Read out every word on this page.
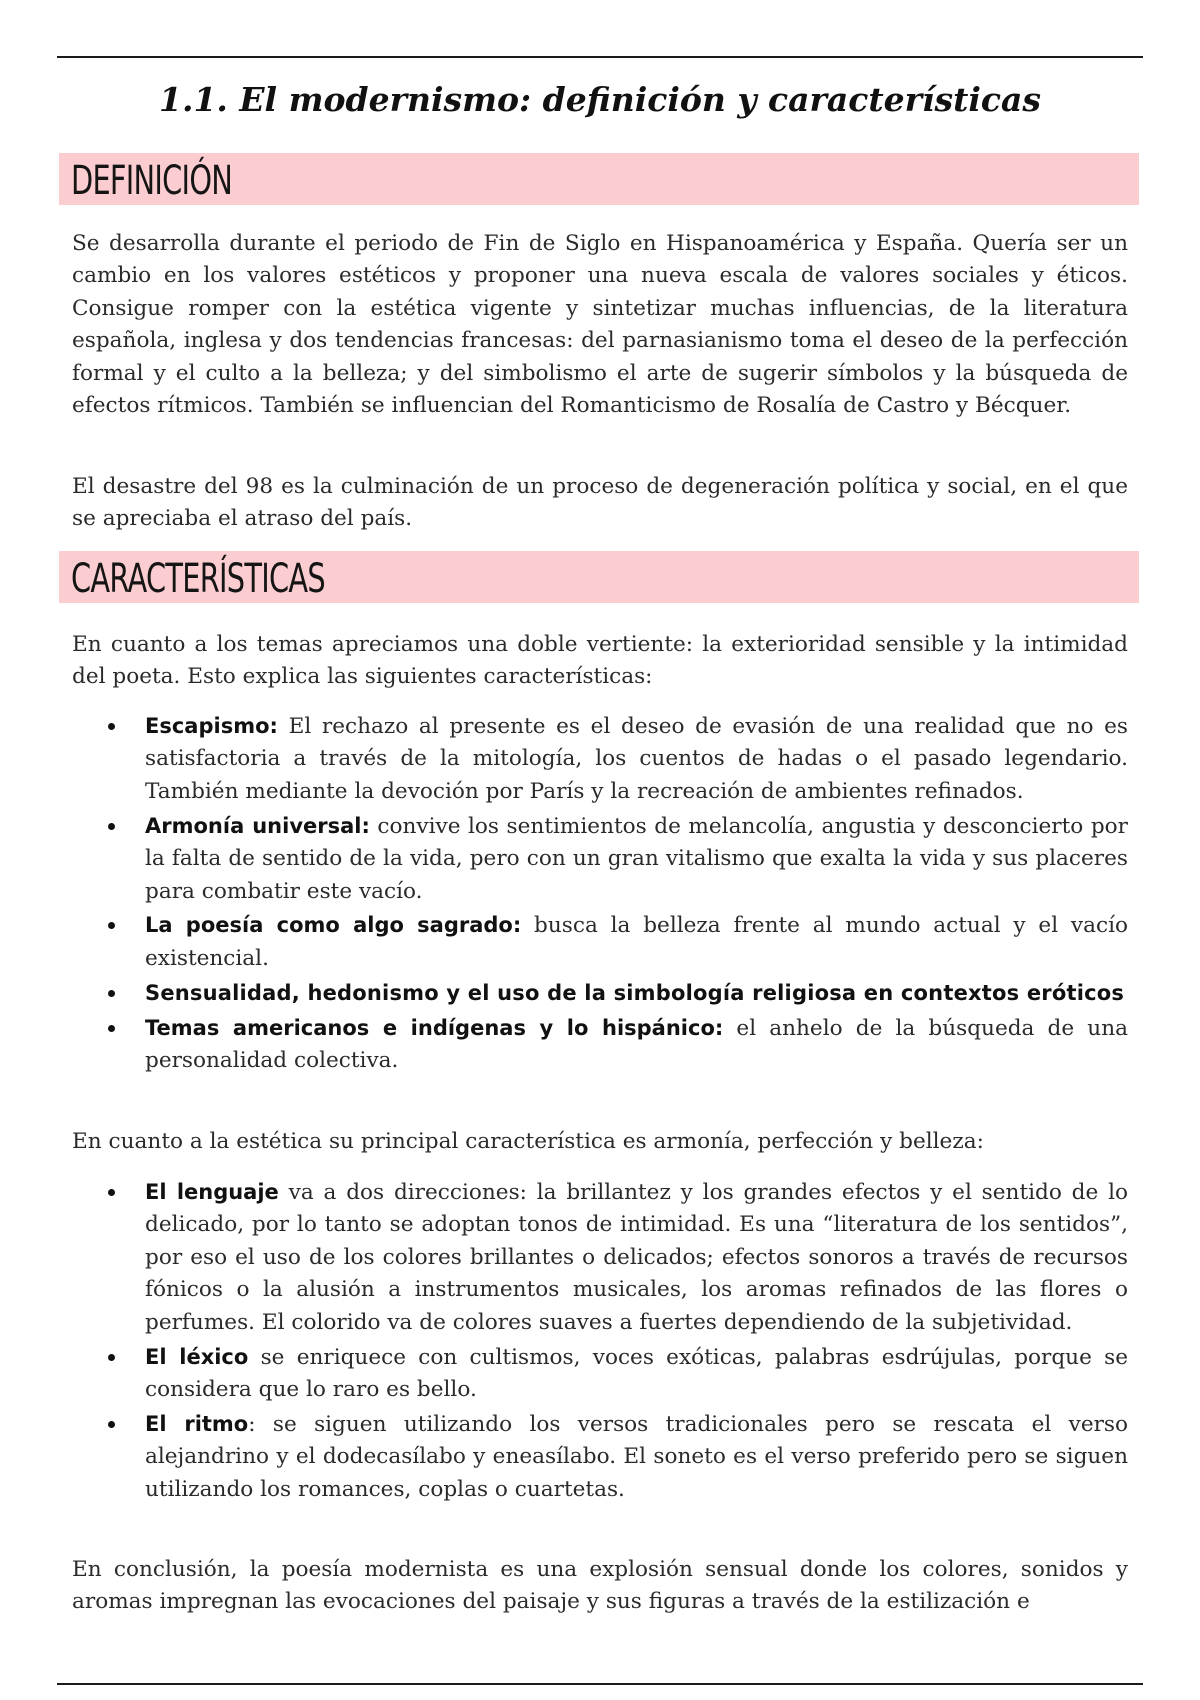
1.1. El modernismo: definición y características
DEFINICIÓN

Se desarrolla durante el periodo de Fin de Siglo en Hispanoamérica y España. Quería ser un cambio en los valores estéticos y proponer una nueva escala de valores sociales y éticos. Consigue romper con la estética vigente y sintetizar muchas influencias, de la literatura española, inglesa y dos tendencias francesas: del parnasianismo toma el deseo de la perfección formal y el culto a la belleza; y del simbolismo el arte de sugerir símbolos y la búsqueda de efectos rítmicos. También se influencian del Romanticismo de Rosalía de Castro y Bécquer.

El desastre del 98 es la culminación de un proceso de degeneración política y social, en el que se apreciaba el atraso del país.

CARACTERÍSTICAS

En cuanto a los temas apreciamos una doble vertiente: la exterioridad sensible y la intimidad del poeta. Esto explica las siguientes características:

Escapismo: El rechazo al presente es el deseo de evasión de una realidad que no es satisfactoria a través de la mitología, los cuentos de hadas o el pasado legendario. También mediante la devoción por París y la recreación de ambientes refinados.
Armonía universal: convive los sentimientos de melancolía, angustia y desconcierto por la falta de sentido de la vida, pero con un gran vitalismo que exalta la vida y sus placeres para combatir este vacío.
La poesía como algo sagrado: busca la belleza frente al mundo actual y el vacío existencial.
Sensualidad, hedonismo y el uso de la simbología religiosa en contextos eróticos
Temas americanos e indígenas y lo hispánico: el anhelo de la búsqueda de una personalidad colectiva.

En cuanto a la estética su principal característica es armonía, perfección y belleza:

El lenguaje va a dos direcciones: la brillantez y los grandes efectos y el sentido de lo delicado, por lo tanto se adoptan tonos de intimidad. Es una “literatura de los sentidos”, por eso el uso de los colores brillantes o delicados; efectos sonoros a través de recursos fónicos o la alusión a instrumentos musicales, los aromas refinados de las flores o perfumes. El colorido va de colores suaves a fuertes dependiendo de la subjetividad.
El léxico se enriquece con cultismos, voces exóticas, palabras esdrújulas, porque se considera que lo raro es bello.
El ritmo: se siguen utilizando los versos tradicionales pero se rescata el verso alejandrino y el dodecasílabo y eneasílabo. El soneto es el verso preferido pero se siguen utilizando los romances, coplas o cuartetas.

En conclusión, la poesía modernista es una explosión sensual donde los colores, sonidos y aromas impregnan las evocaciones del paisaje y sus figuras a través de la estilización e
